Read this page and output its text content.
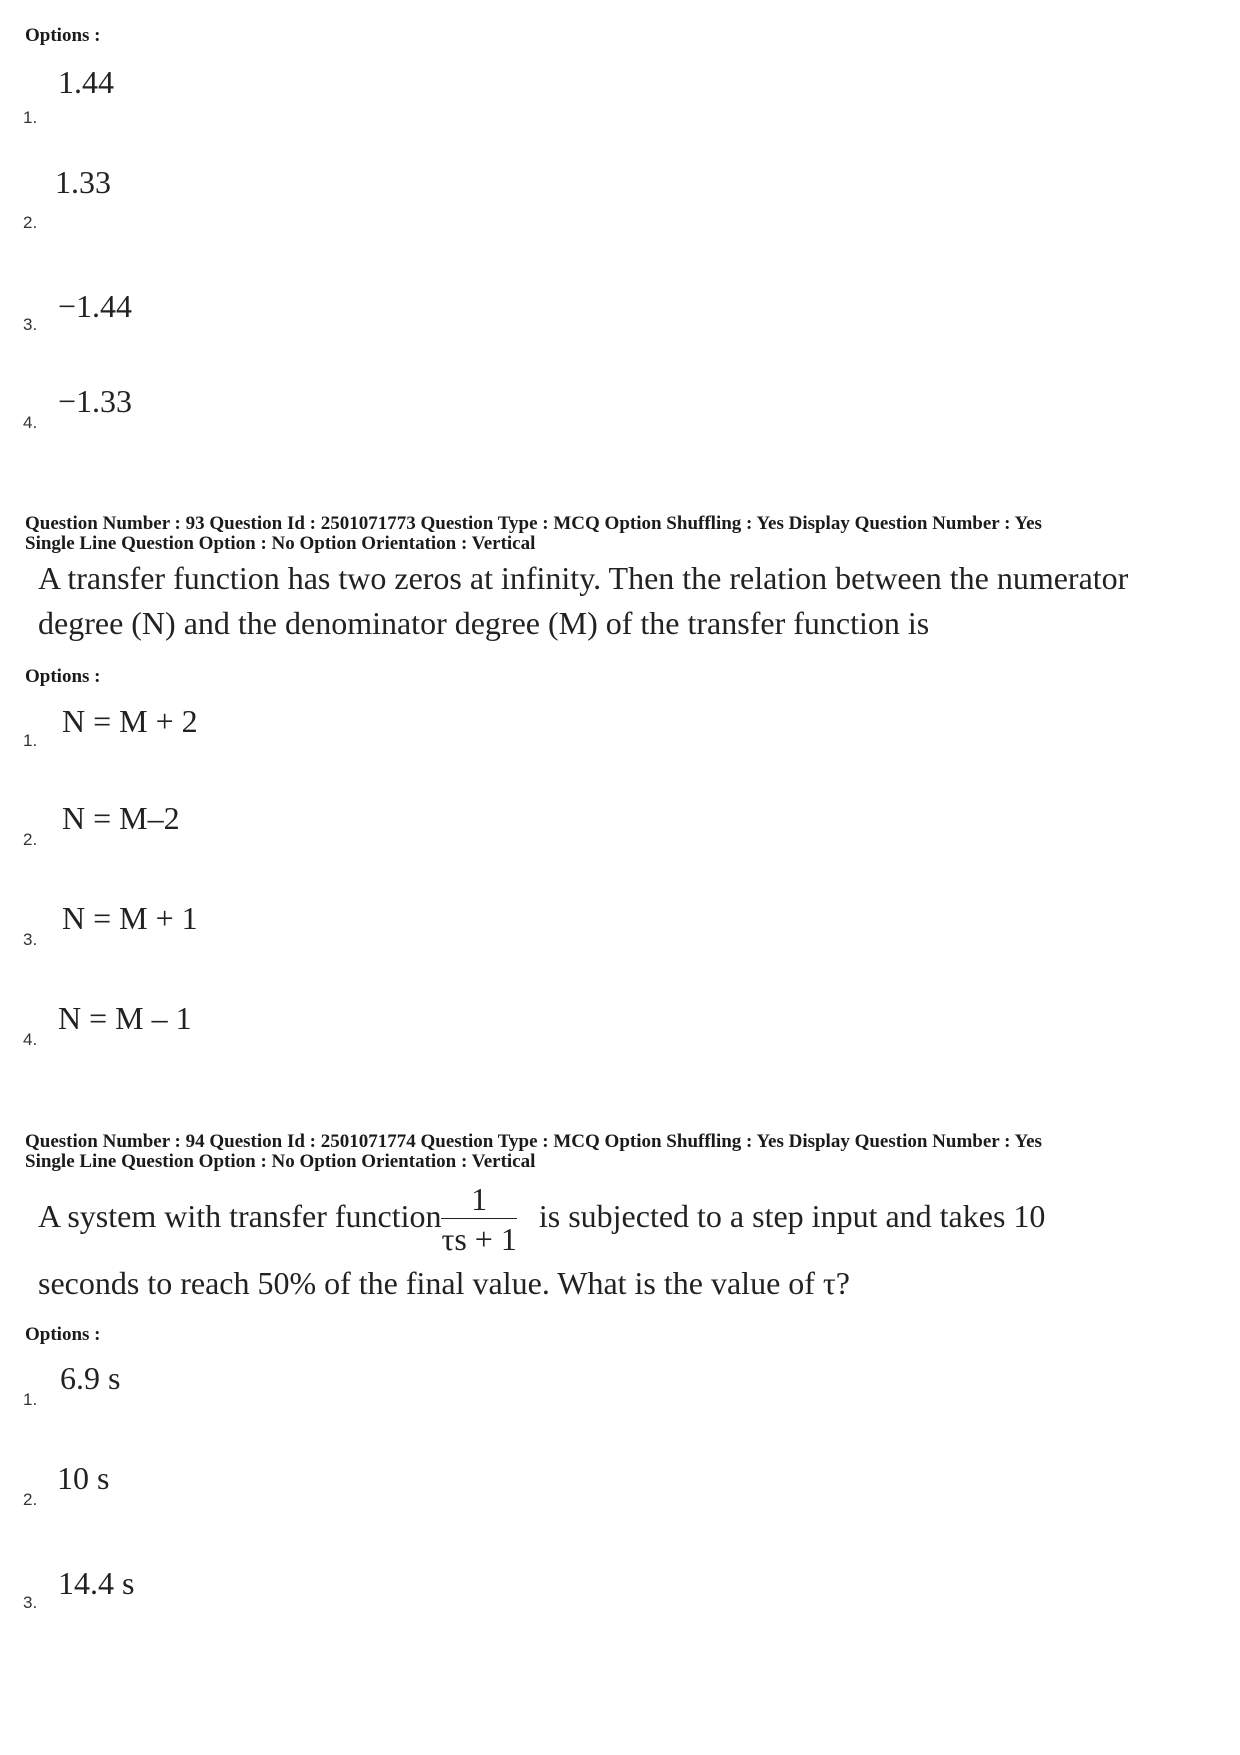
Options :
1.44
1.
1.33
2.
−1.44
3.
−1.33
4.
Question Number : 93 Question Id : 2501071773 Question Type : MCQ Option Shuffling : Yes Display Question Number : Yes
Single Line Question Option : No Option Orientation : Vertical
A transfer function has two zeros at infinity. Then the relation between the numerator
degree (N) and the denominator degree (M) of the transfer function is
Options :
N = M + 2
1.
N = M–2
2.
N = M + 1
3.
N = M – 1
4.
Question Number : 94 Question Id : 2501071774 Question Type : MCQ Option Shuffling : Yes Display Question Number : Yes
Single Line Question Option : No Option Orientation : Vertical
A system with transfer function $\frac{1}{\tau s + 1}$ is subjected to a step input and takes 10
seconds to reach 50% of the final value. What is the value of τ?
Options :
6.9 s
1.
10 s
2.
14.4 s
3.
